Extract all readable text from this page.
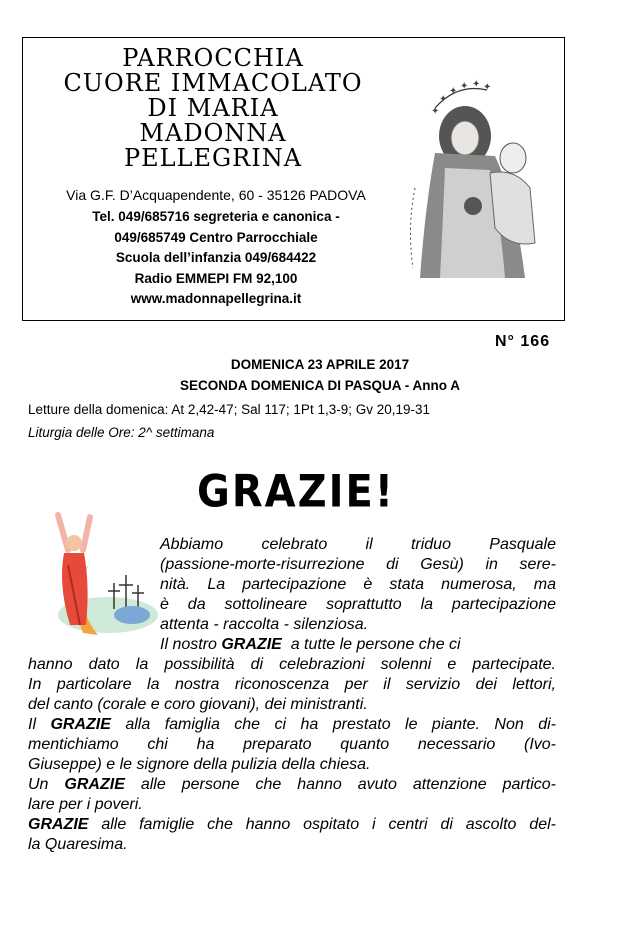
PARROCCHIA
CUORE IMMACOLATO
DI MARIA
MADONNA
PELLEGRINA
Via G.F. D’Acquapendente, 60 - 35126 PADOVA
Tel. 049/685716 segreteria e canonica -
049/685749 Centro Parrocchiale
Scuola dell’infanzia 049/684422
Radio EMMEPI FM 92,100
www.madonnapellegrina.it
✦
✦
✦ ✦ ✦ ✦
N° 166
DOMENICA 23 APRILE 2017
SECONDA DOMENICA DI PASQUA - Anno A
Letture della domenica: At 2,42-47; Sal 117; 1Pt 1,3-9; Gv 20,19-31
Liturgia delle Ore: 2^ settimana
GRAZIE!
Abbiamo celebrato il triduo Pasquale
(passione-morte-risurrezione di Gesù) in sere-
nità. La partecipazione è stata numerosa, ma
è da sottolineare soprattutto la partecipazione
attenta - raccolta - silenziosa.
Il nostro GRAZIE  a tutte le persone che ci
hanno dato la possibilità di celebrazioni solenni e partecipate.
In particolare la nostra riconoscenza per il servizio dei lettori,
del canto (corale e coro giovani), dei ministranti.
Il GRAZIE alla famiglia che ci ha prestato le piante. Non di-
mentichiamo chi ha preparato quanto necessario (Ivo-
Giuseppe) e le signore della pulizia della chiesa.
Un GRAZIE alle persone che hanno avuto attenzione partico-
lare per i poveri.
GRAZIE alle famiglie che hanno ospitato i centri di ascolto del-
la Quaresima.
